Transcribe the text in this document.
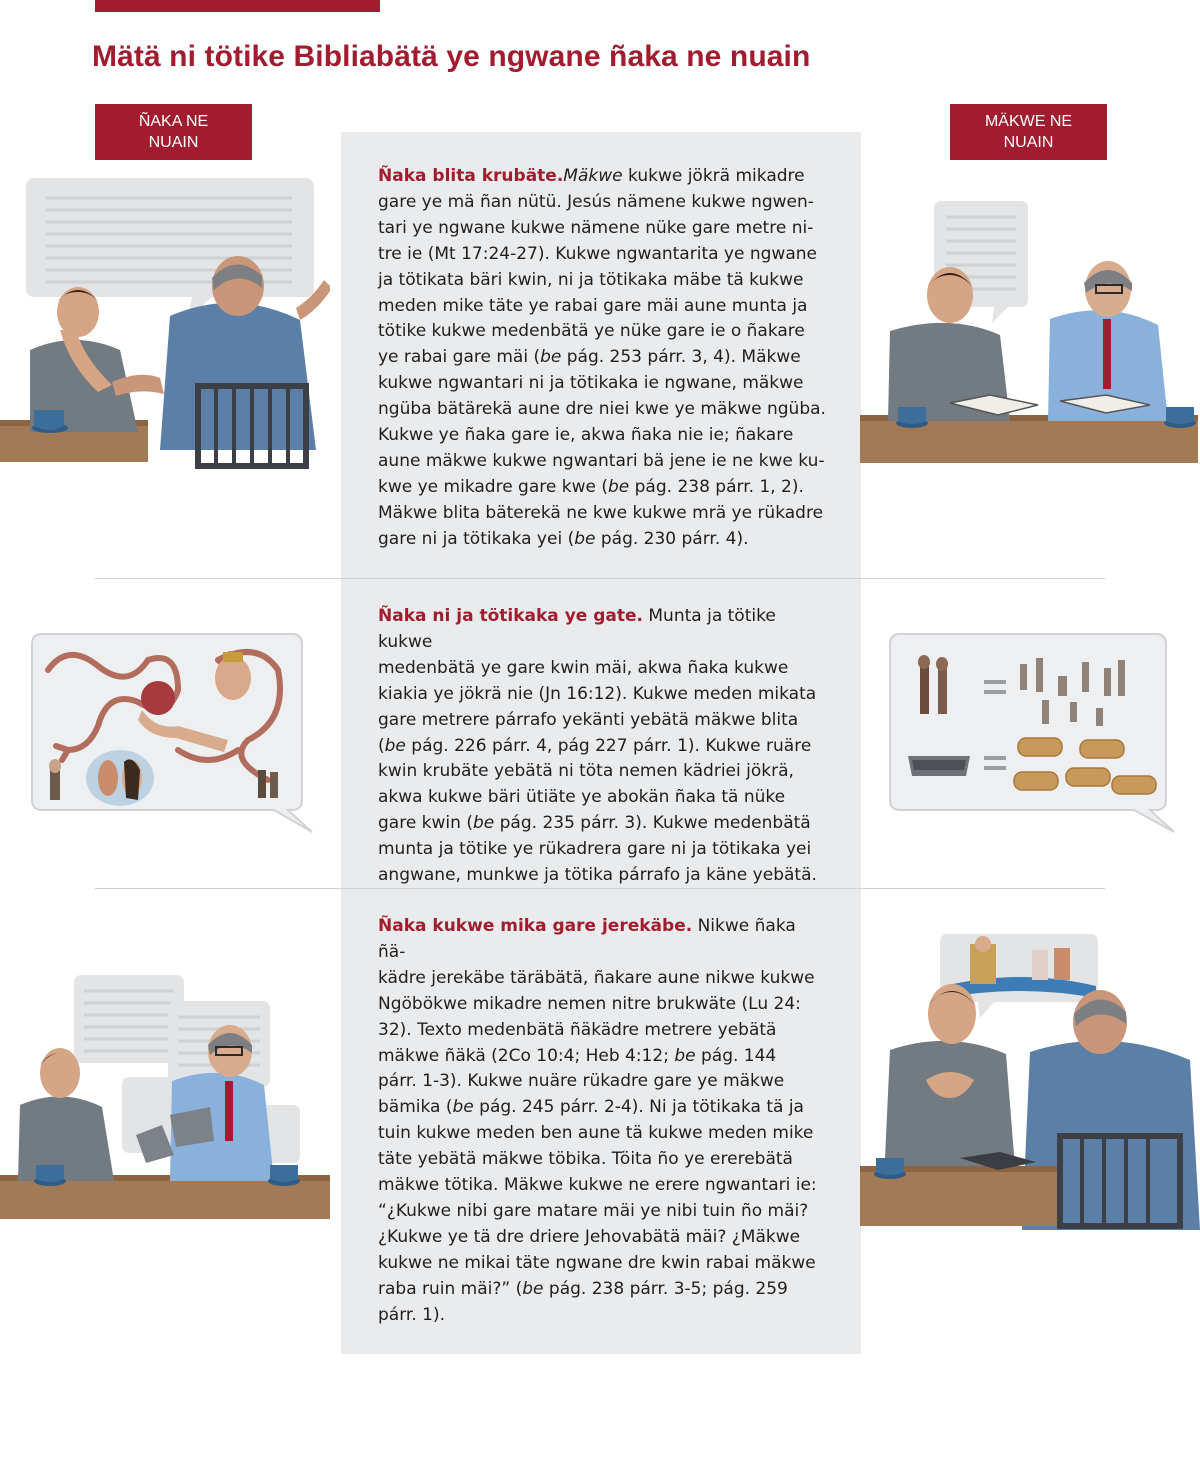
Mätä ni tötike Bibliabätä ye ngwane ñaka ne nuain
ÑAKA NE
NUAIN
MÄKWE NE
NUAIN
Ñaka blita krubäte.Mäkwe kukwe jökrä mikadre
gare ye mä ñan nütü. Jesús nämene kukwe ngwen-
tari ye ngwane kukwe nämene nüke gare metre ni-
tre ie (Mt 17:24-27). Kukwe ngwantarita ye ngwane
ja tötikata bäri kwin, ni ja tötikaka mäbe tä kukwe
meden mike täte ye rabai gare mäi aune munta ja
tötike kukwe medenbätä ye nüke gare ie o ñakare
ye rabai gare mäi (be pág. 253 párr. 3, 4). Mäkwe
kukwe ngwantari ni ja tötikaka ie ngwane, mäkwe
ngüba bätärekä aune dre niei kwe ye mäkwe ngüba.
Kukwe ye ñaka gare ie, akwa ñaka nie ie; ñakare
aune mäkwe kukwe ngwantari bä jene ie ne kwe ku-
kwe ye mikadre gare kwe (be pág. 238 párr. 1, 2).
Mäkwe blita bäterekä ne kwe kukwe mrä ye rükadre
gare ni ja tötikaka yei (be pág. 230 párr. 4).
Ñaka ni ja tötikaka ye gate. Munta ja tötike kukwe
medenbätä ye gare kwin mäi, akwa ñaka kukwe
kiakia ye jökrä nie (Jn 16:12). Kukwe meden mikata
gare metrere párrafo yekänti yebätä mäkwe blita
(be pág. 226 párr. 4, pág 227 párr. 1). Kukwe ruäre
kwin krubäte yebätä ni töta nemen kädriei jökrä,
akwa kukwe bäri ütiäte ye abokän ñaka tä nüke
gare kwin (be pág. 235 párr. 3). Kukwe medenbätä
munta ja tötike ye rükadrera gare ni ja tötikaka yei
angwane, munkwe ja tötika párrafo ja käne yebätä.
Ñaka kukwe mika gare jerekäbe. Nikwe ñaka ñä-
kädre jerekäbe täräbätä, ñakare aune nikwe kukwe
Ngöbökwe mikadre nemen nitre brukwäte (Lu 24:
32). Texto medenbätä ñäkädre metrere yebätä
mäkwe ñäkä (2Co 10:4; Heb 4:12; be pág. 144
párr. 1-3). Kukwe nuäre rükadre gare ye mäkwe
bämika (be pág. 245 párr. 2-4). Ni ja tötikaka tä ja
tuin kukwe meden ben aune tä kukwe meden mike
täte yebätä mäkwe töbika. Töita ño ye ererebätä
mäkwe tötika. Mäkwe kukwe ne erere ngwantari ie:
“¿Kukwe nibi gare matare mäi ye nibi tuin ño mäi?
¿Kukwe ye tä dre driere Jehovabätä mäi? ¿Mäkwe
kukwe ne mikai täte ngwane dre kwin rabai mäkwe
raba ruin mäi?” (be pág. 238 párr. 3-5; pág. 259
párr. 1).
